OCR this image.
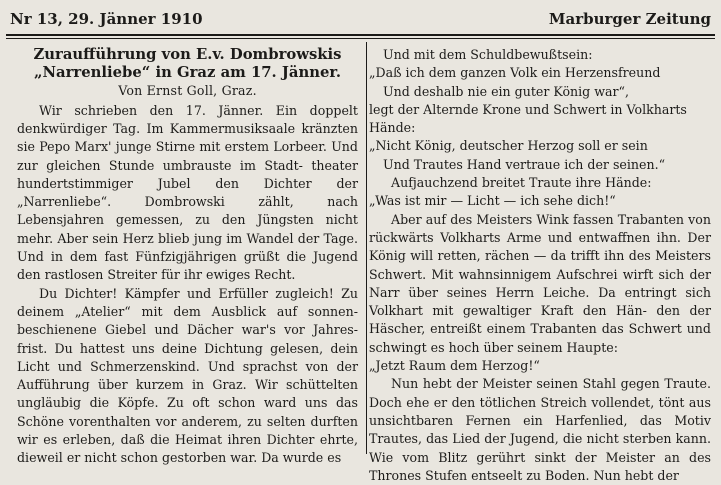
Nr 13, 29. Jänner 1910	Marburger Zeitung
Zuraufführung von E.v. Dombrowskis
„Narrenliebe“ in Graz am 17. Jänner.
Von Ernst Goll, Graz.

Wir schrieben den 17. Jänner. Ein doppelt denkwürdiger Tag. Im Kammermusiksaale kränzten sie Pepo Marx' junge Stirne mit erstem Lorbeer. Und zur gleichen Stunde umbrauste im Stadt- theater hundertstimmiger Jubel den Dichter der „Narrenliebe“. Dombrowski zählt, nach Lebensjahren gemessen, zu den Jüngsten nicht mehr. Aber sein Herz blieb jung im Wandel der Tage. Und in dem fast Fünfzigjährigen grüßt die Jugend den rastlosen Streiter für ihr ewiges Recht.

Du Dichter! Kämpfer und Erfüller zugleich! Zu deinem „Atelier“ mit dem Ausblick auf sonnen- beschienene Giebel und Dächer war's vor Jahres- frist. Du hattest uns deine Dichtung gelesen, dein Licht und Schmerzenskind. Und sprachst von der Aufführung über kurzem in Graz. Wir schüttelten ungläubig die Köpfe. Zu oft schon ward uns das Schöne vorenthalten vor anderem, zu selten durften wir es erleben, daß die Heimat ihren Dichter ehrte, dieweil er nicht schon gestorben war. Da wurde es

Und mit dem Schuldbewußtsein:
„Daß ich dem ganzen Volk ein Herzensfreund
Und deshalb nie ein guter König war“,
legt der Alternde Krone und Schwert in Volkharts
Hände:
„Nicht König, deutscher Herzog soll er sein
Und Trautes Hand vertraue ich der seinen.“
Aufjauchzend breitet Traute ihre Hände:
„Was ist mir — Licht — ich sehe dich!“

Aber auf des Meisters Wink fassen Trabanten von rückwärts Volkharts Arme und entwaffnen ihn. Der König will retten, rächen — da trifft ihn des Meisters Schwert. Mit wahnsinnigem Aufschrei wirft sich der Narr über seines Herrn Leiche. Da entringt sich Volkhart mit gewaltiger Kraft den Hän- den der Häscher, entreißt einem Trabanten das Schwert und schwingt es hoch über seinem Haupte:

„Jetzt Raum dem Herzog!“

Nun hebt der Meister seinen Stahl gegen Traute. Doch ehe er den tötlichen Streich vollendet, tönt aus unsichtbaren Fernen ein Harfenlied, das Motiv Trautes, das Lied der Jugend, die nicht sterben kann. Wie vom Blitz gerührt sinkt der Meister an des Thrones Stufen entseelt zu Boden. Nun hebt der
